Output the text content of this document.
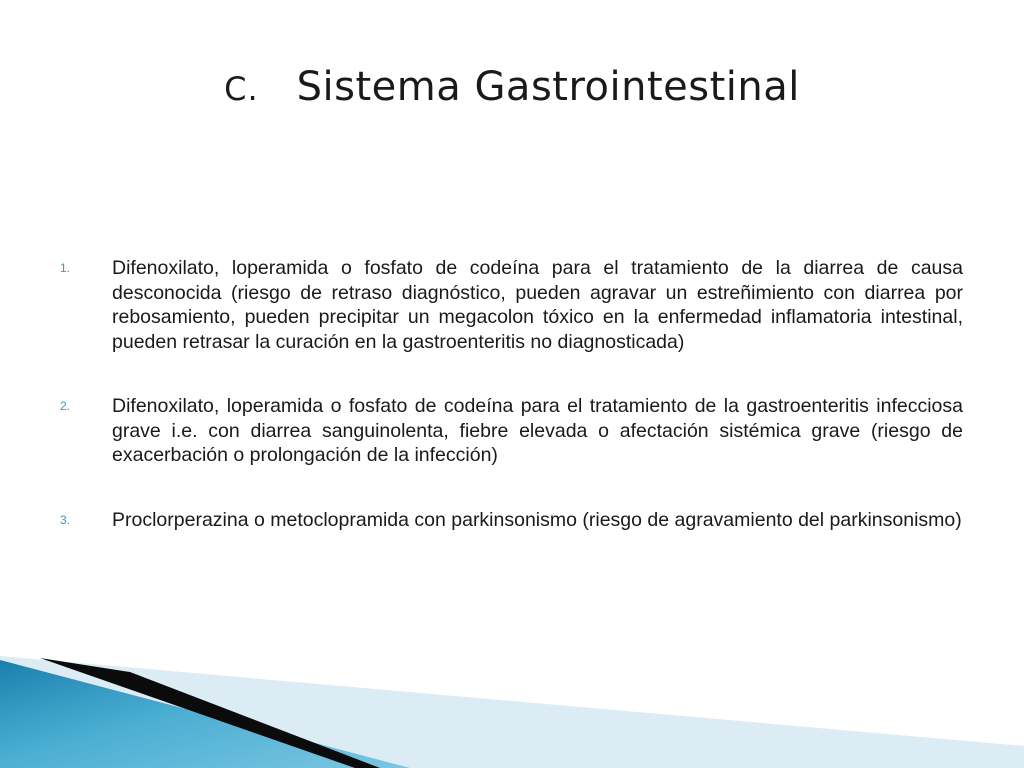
C. Sistema Gastrointestinal
1. Difenoxilato, loperamida o fosfato de codeína para el tratamiento de la diarrea de causa desconocida (riesgo de retraso diagnóstico, pueden agravar un estreñimiento con diarrea por rebosamiento, pueden precipitar un megacolon tóxico en la enfermedad inflamatoria intestinal, pueden retrasar la curación en la gastroenteritis no diagnosticada)
2. Difenoxilato, loperamida o fosfato de codeína para el tratamiento de la gastroenteritis infecciosa grave i.e. con diarrea sanguinolenta, fiebre elevada o afectación sistémica grave (riesgo de exacerbación o prolongación de la infección)
3. Proclorperazina o metoclopramida con parkinsonismo (riesgo de agravamiento del parkinsonismo)
